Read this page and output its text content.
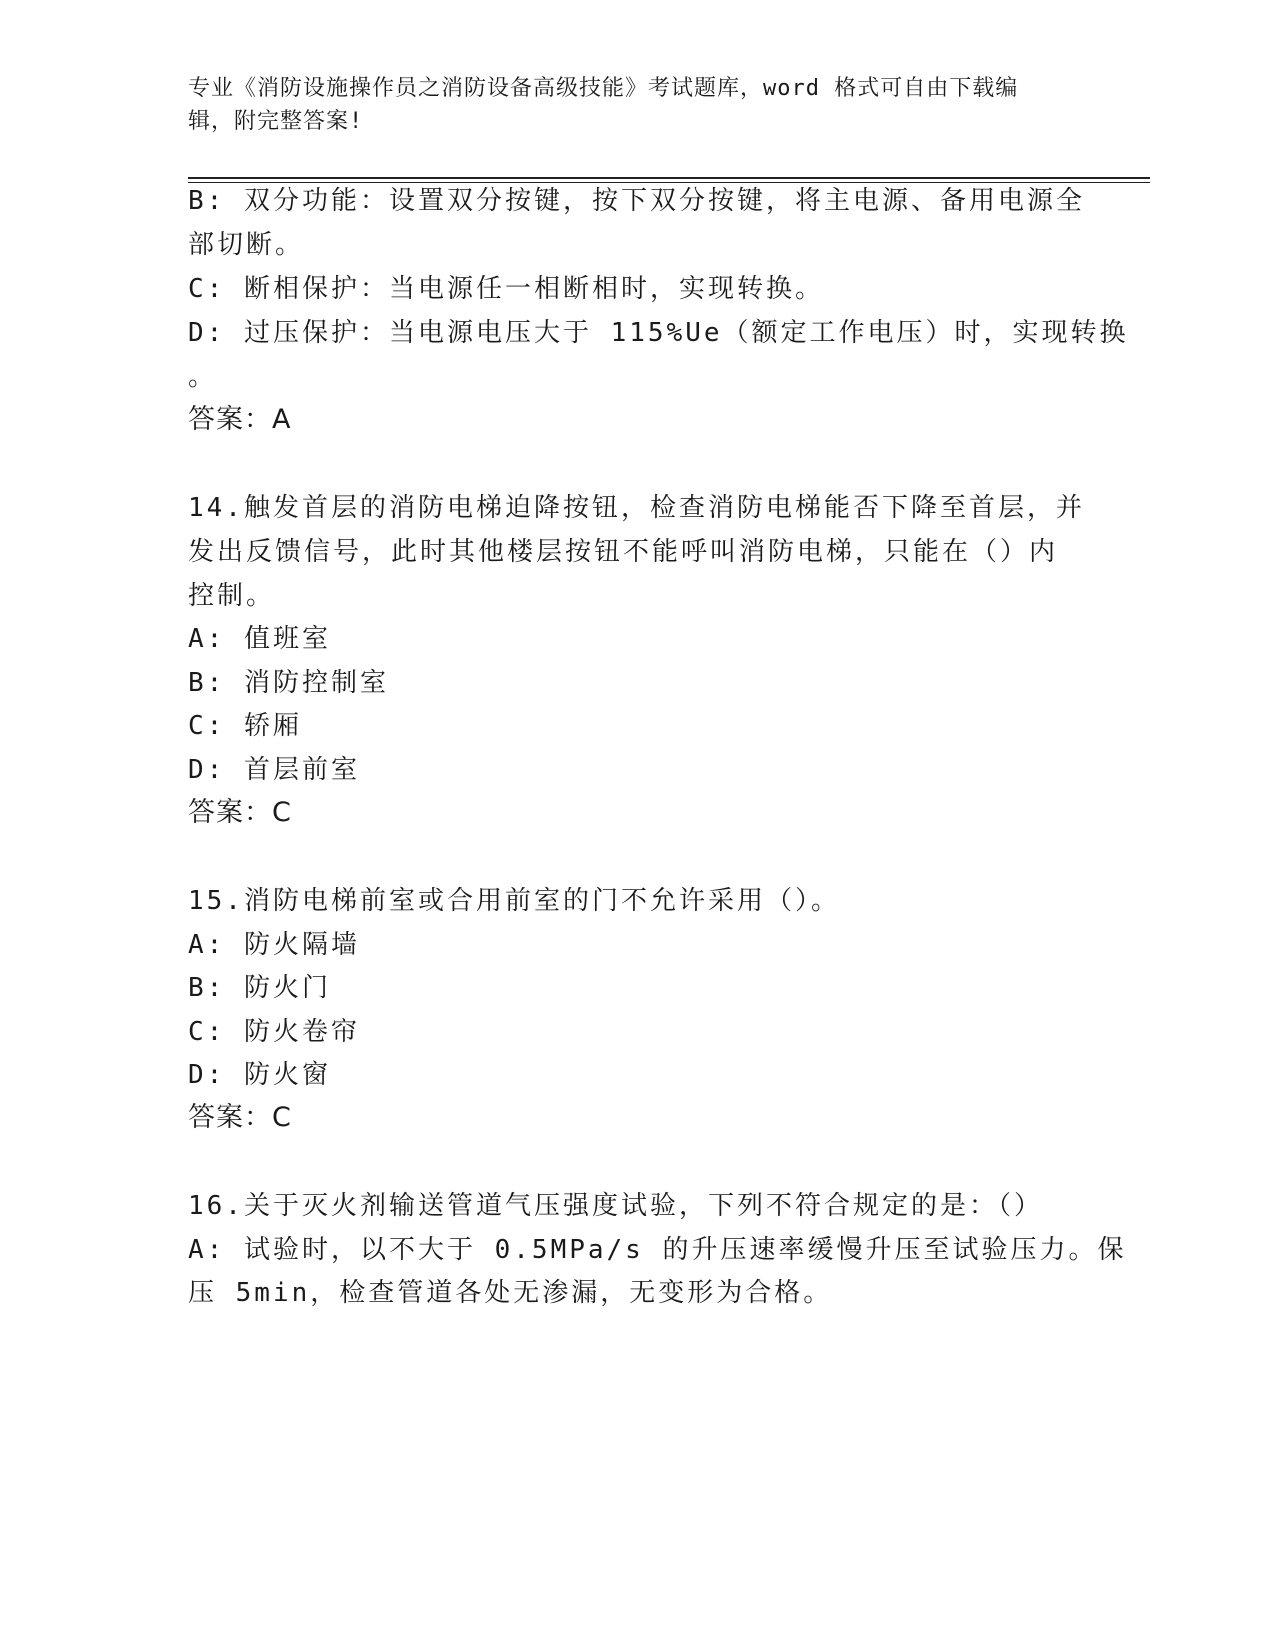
专业《消防设施操作员之消防设备高级技能》考试题库，word 格式可自由下载编
辑，附完整答案!
B: 双分功能：设置双分按键，按下双分按键，将主电源、备用电源全
部切断。
C: 断相保护：当电源任一相断相时，实现转换。
D: 过压保护：当电源电压大于 115%Ue（额定工作电压）时，实现转换
。
答案：A
14.触发首层的消防电梯迫降按钮，检查消防电梯能否下降至首层，并
发出反馈信号，此时其他楼层按钮不能呼叫消防电梯，只能在（）内
控制。
A: 值班室
B: 消防控制室
C: 轿厢
D: 首层前室
答案：C
15.消防电梯前室或合用前室的门不允许采用（）。
A: 防火隔墙
B: 防火门
C: 防火卷帘
D: 防火窗
答案：C
16.关于灭火剂输送管道气压强度试验，下列不符合规定的是：（）
A: 试验时，以不大于 0.5MPa/s 的升压速率缓慢升压至试验压力。保
压 5min，检查管道各处无渗漏，无变形为合格。
